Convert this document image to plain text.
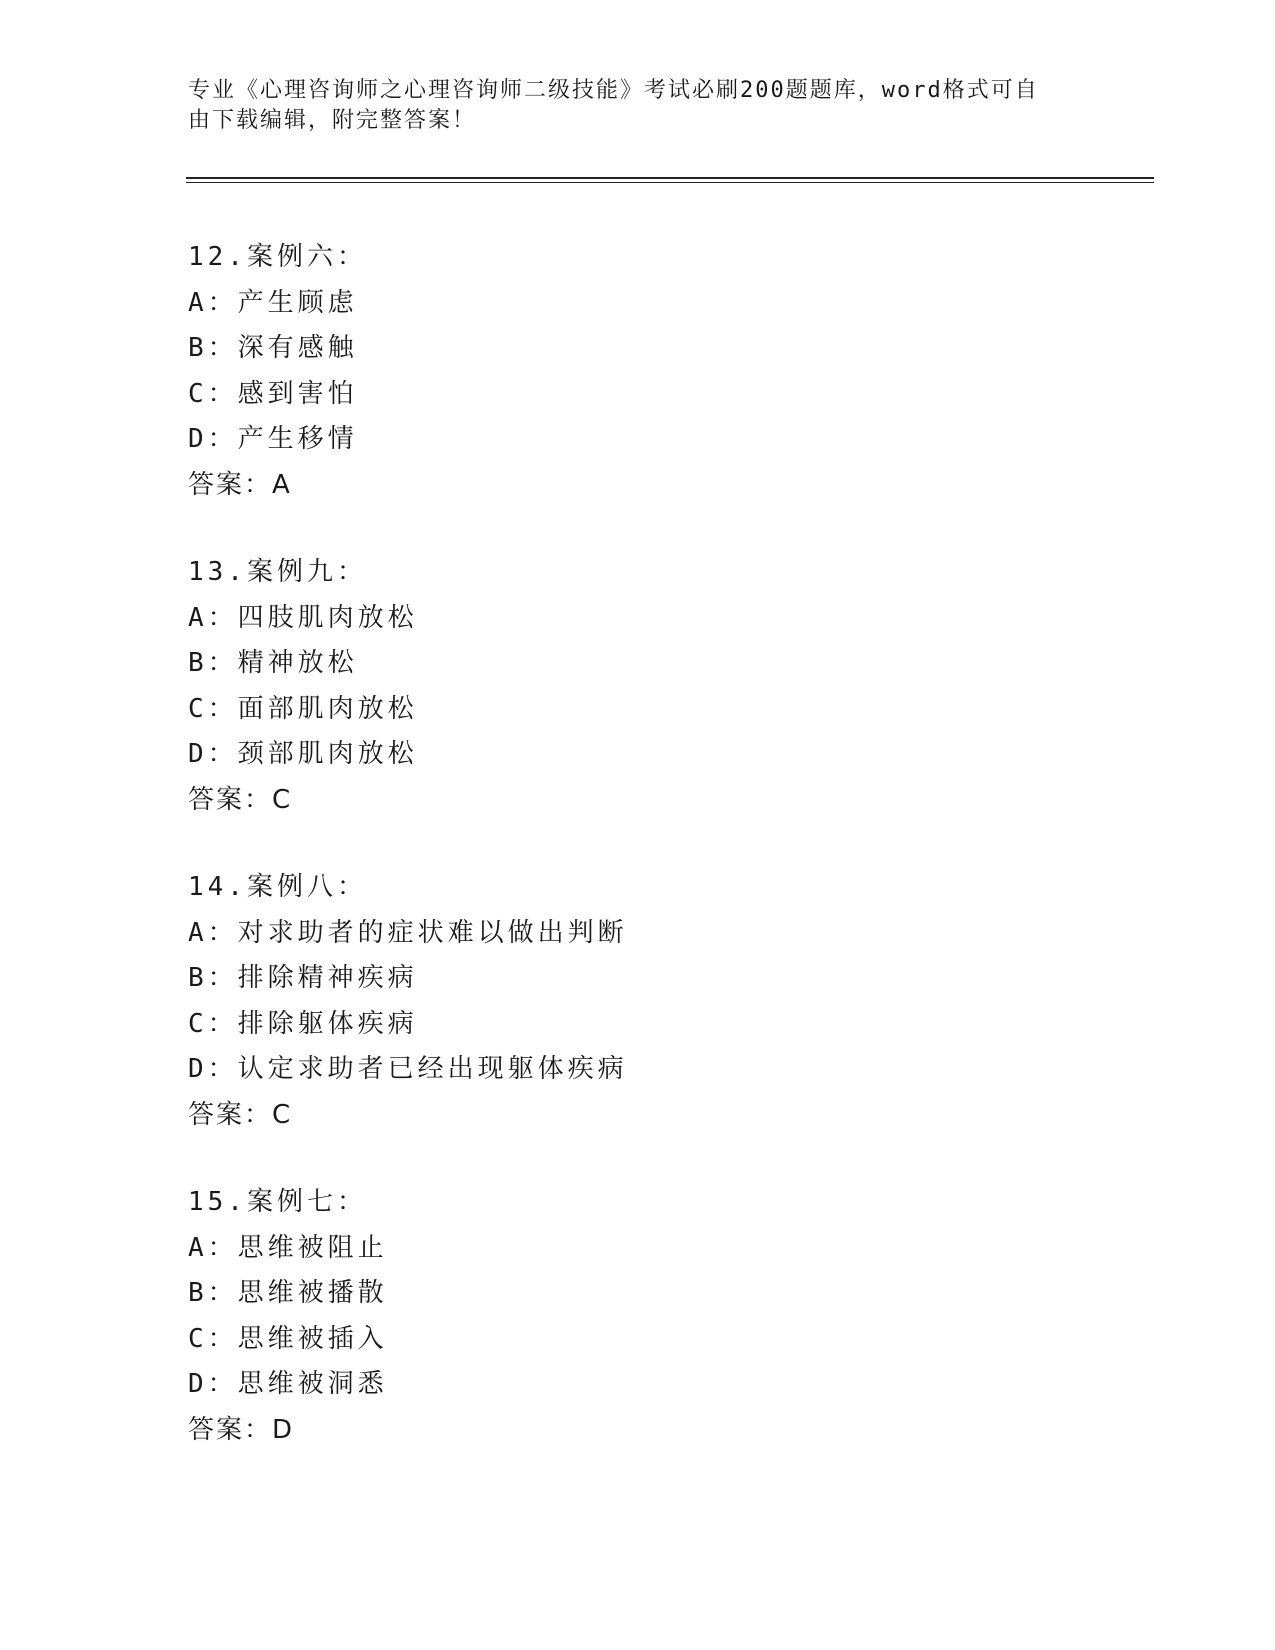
专业《心理咨询师之心理咨询师二级技能》考试必刷200题题库，word格式可自
由下载编辑，附完整答案！
12.案例六：
A：产生顾虑
B：深有感触
C：感到害怕
D：产生移情
答案：A
13.案例九：
A：四肢肌肉放松
B：精神放松
C：面部肌肉放松
D：颈部肌肉放松
答案：C
14.案例八：
A：对求助者的症状难以做出判断
B：排除精神疾病
C：排除躯体疾病
D：认定求助者已经出现躯体疾病
答案：C
15.案例七：
A：思维被阻止
B：思维被播散
C：思维被插入
D：思维被洞悉
答案：D
